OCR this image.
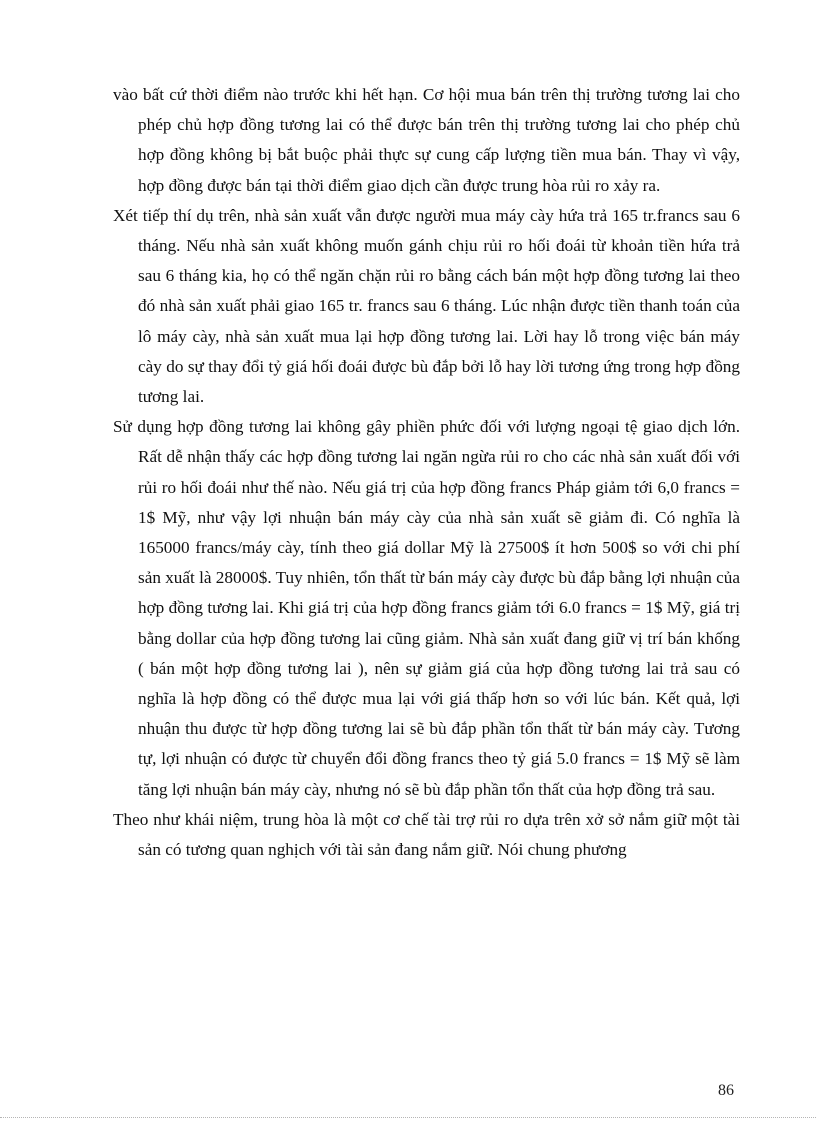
vào bất cứ thời điểm nào trước khi hết hạn. Cơ hội mua bán trên thị trường tương lai cho phép chủ hợp đồng tương lai có thể được bán trên thị trường tương lai cho phép chủ hợp đồng không bị bắt buộc phải thực sự cung cấp lượng tiền mua bán. Thay vì vậy, hợp đồng được bán tại thời điểm giao dịch cần được trung hòa rủi ro xảy ra.

Xét tiếp thí dụ trên, nhà sản xuất vẫn được người mua máy cày hứa trả 165 tr.francs sau 6 tháng. Nếu nhà sản xuất không muốn gánh chịu rủi ro hối đoái từ khoản tiền hứa trả sau 6 tháng kia, họ có thể ngăn chặn rủi ro bằng cách bán một hợp đồng tương lai theo đó nhà sản xuất phải giao 165 tr. francs sau 6 tháng. Lúc nhận được tiền thanh toán của lô máy cày, nhà sản xuất mua lại hợp đồng tương lai. Lời hay lỗ trong việc bán máy cày do sự thay đổi tỷ giá hối đoái được bù đắp bởi lỗ hay lời tương ứng trong hợp đồng tương lai.

Sử dụng hợp đồng tương lai không gây phiền phức đối với lượng ngoại tệ giao dịch lớn. Rất dễ nhận thấy các hợp đồng tương lai ngăn ngừa rủi ro cho các nhà sản xuất đối với rủi ro hối đoái như thế nào. Nếu giá trị của hợp đồng francs Pháp giảm tới 6,0 francs = 1$ Mỹ, như vậy lợi nhuận bán máy cày của nhà sản xuất sẽ giảm đi. Có nghĩa là 165000 francs/máy cày, tính theo giá dollar Mỹ là 27500$ ít hơn 500$ so với chi phí sản xuất là 28000$. Tuy nhiên, tổn thất từ bán máy cày được bù đắp bằng lợi nhuận của hợp đồng tương lai. Khi giá trị của hợp đồng francs giảm tới 6.0 francs = 1$ Mỹ, giá trị bằng dollar của hợp đồng tương lai cũng giảm. Nhà sản xuất đang giữ vị trí bán khống ( bán một hợp đồng tương lai ), nên sự giảm giá của hợp đồng tương lai trả sau có nghĩa là hợp đồng có thể được mua lại với giá thấp hơn so với lúc bán. Kết quả, lợi nhuận thu được từ hợp đồng tương lai sẽ bù đắp phần tổn thất từ bán máy cày. Tương tự, lợi nhuận có được từ chuyển đổi đồng francs theo tỷ giá 5.0 francs = 1$ Mỹ sẽ làm tăng lợi nhuận bán máy cày, nhưng nó sẽ bù đắp phần tổn thất của hợp đồng trả sau.

Theo như khái niệm, trung hòa là một cơ chế tài trợ rủi ro dựa trên xở sở nắm giữ một tài sản có tương quan nghịch với tài sản đang nắm giữ. Nói chung phương

86
